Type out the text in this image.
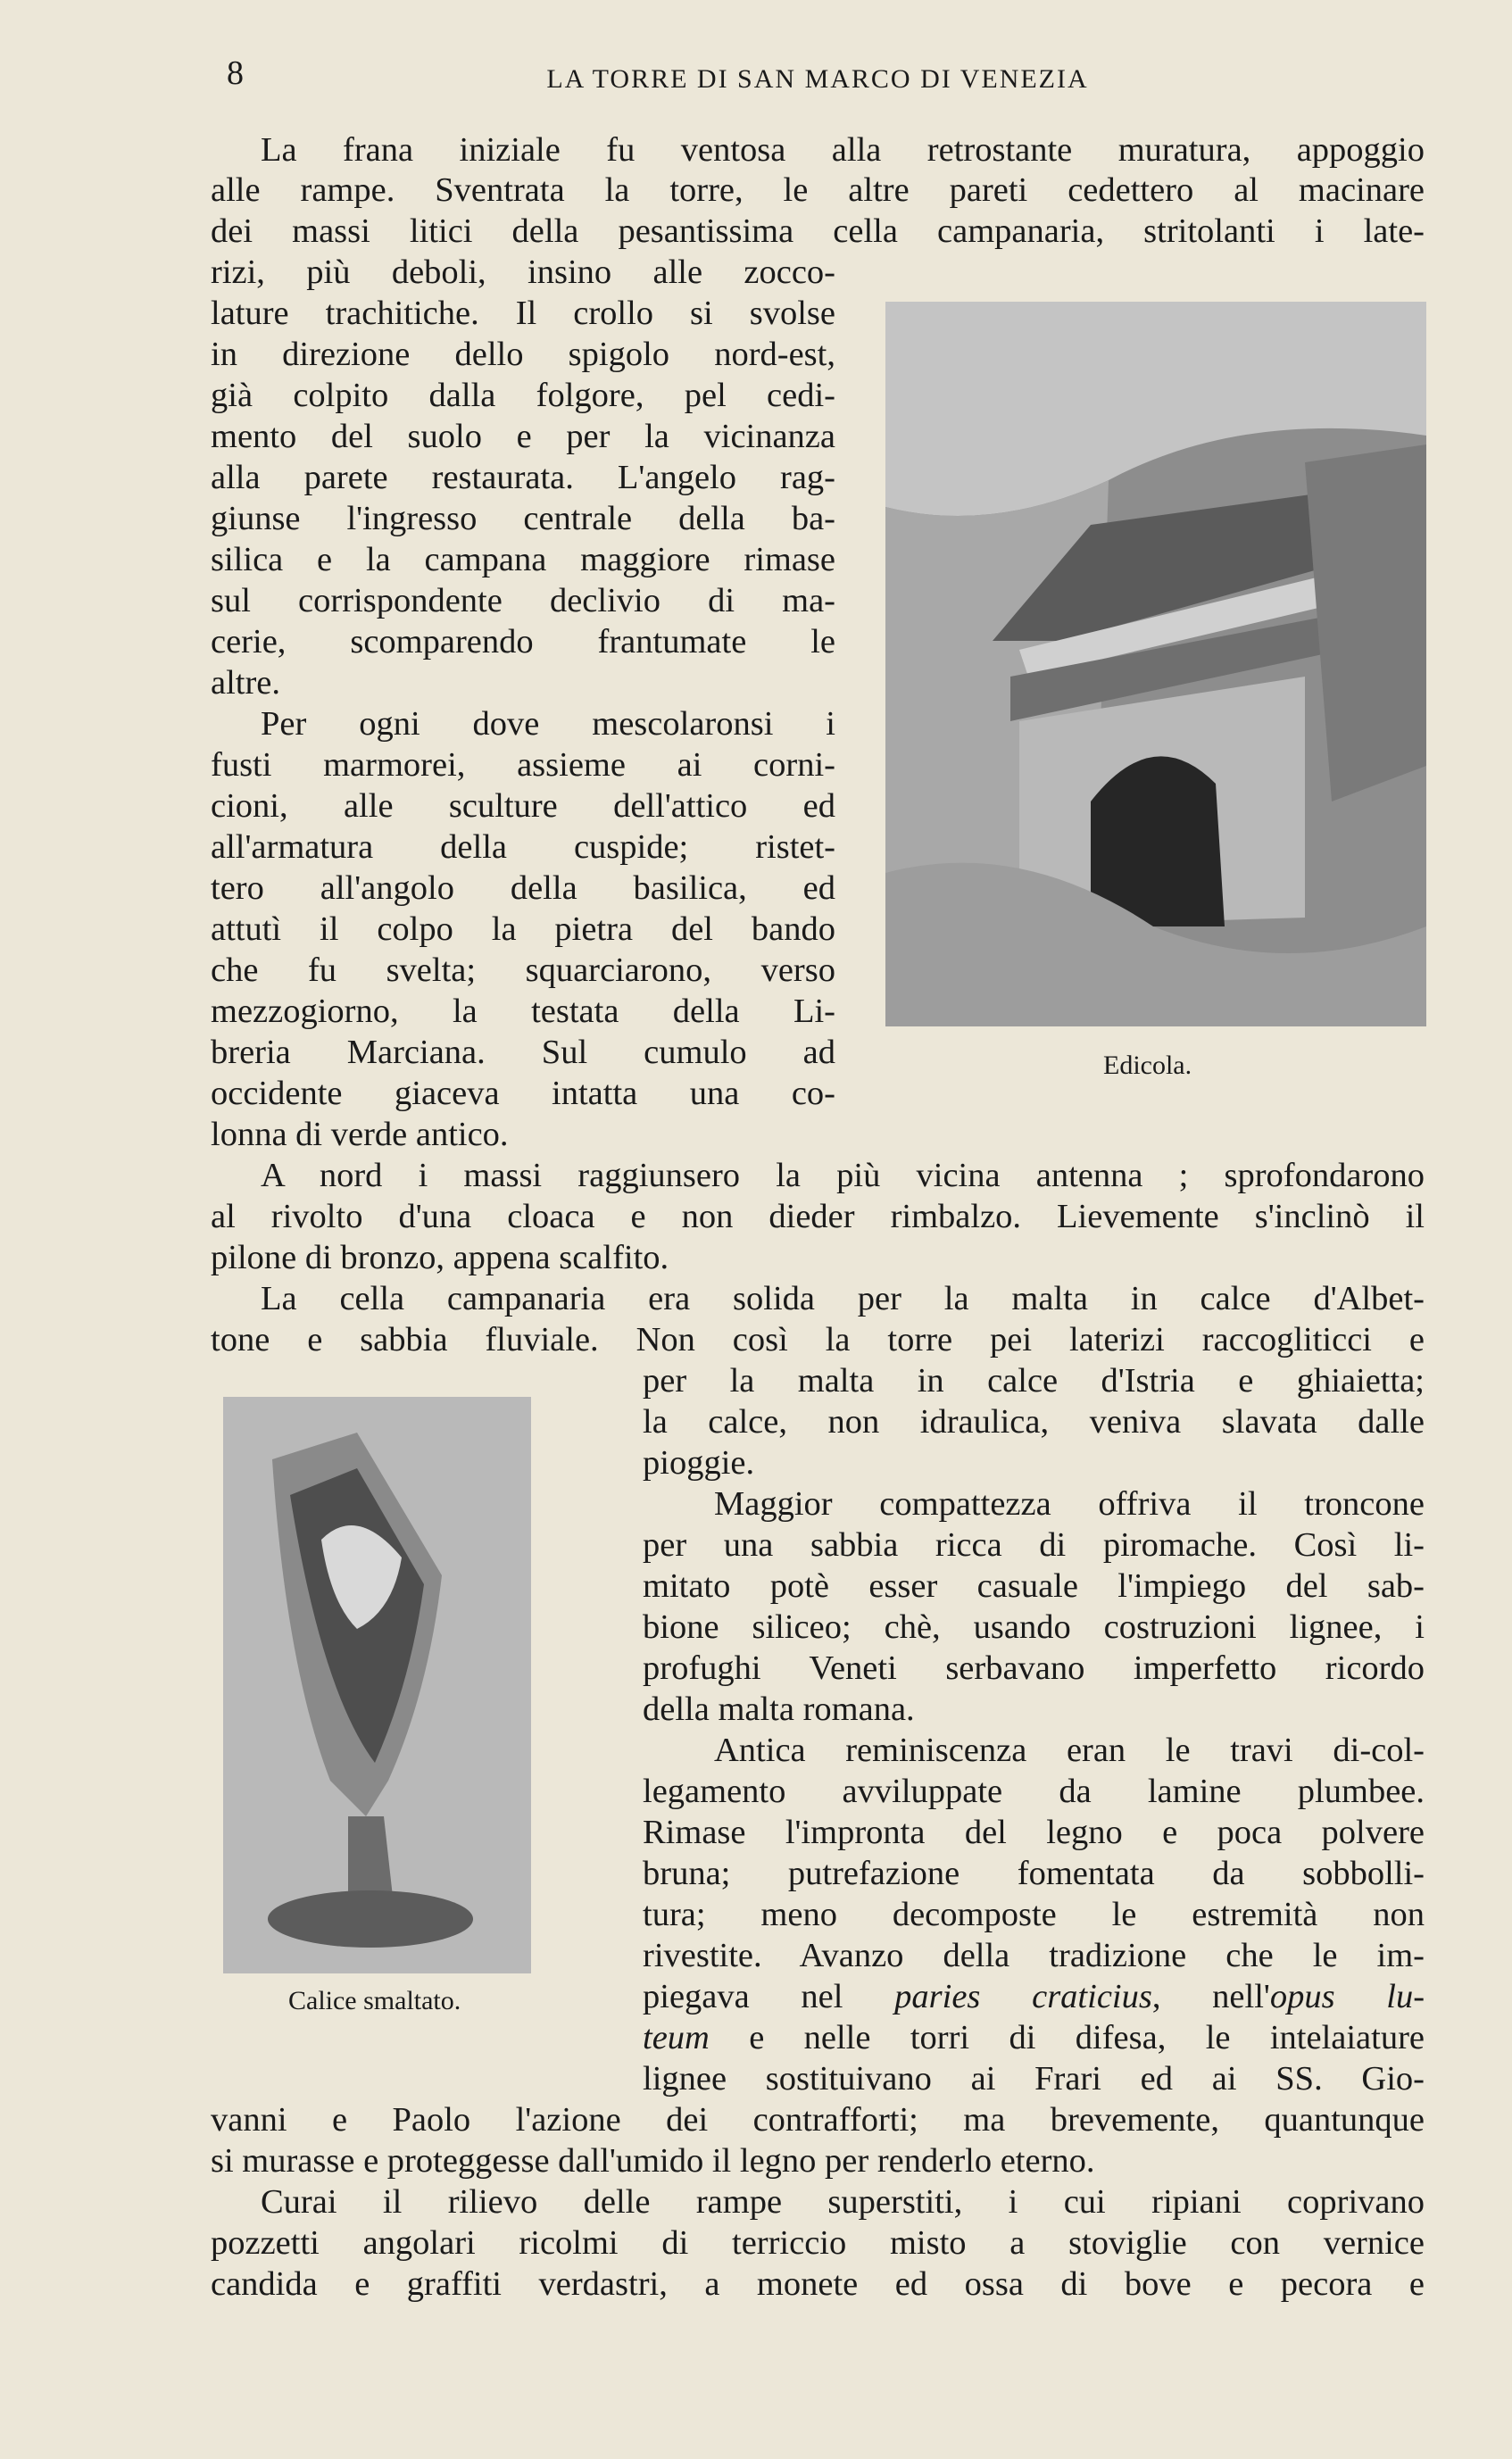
8	LA TORRE DI SAN MARCO DI VENEZIA
Edicola.
Calice smaltato.
La frana iniziale fu ventosa alla retrostante muratura, appoggio
alle rampe. Sventrata la torre, le altre pareti cedettero al macinare
dei massi litici della pesantissima cella campanaria, stritolanti i late-
rizi, più deboli, insino alle zocco-
lature trachitiche. Il crollo si svolse
in direzione dello spigolo nord-est,
già colpito dalla folgore, pel cedi-
mento del suolo e per la vicinanza
alla parete restaurata. L'angelo rag-
giunse l'ingresso centrale della ba-
silica e la campana maggiore rimase
sul corrispondente declivio di ma-
cerie, scomparendo frantumate le
altre.
Per ogni dove mescolaronsi i
fusti marmorei, assieme ai corni-
cioni, alle sculture dell'attico ed
all'armatura della cuspide; ristet-
tero all'angolo della basilica, ed
attutì il colpo la pietra del bando
che fu svelta; squarciarono, verso
mezzogiorno, la testata della Li-
breria Marciana. Sul cumulo ad
occidente giaceva intatta una co-
lonna di verde antico.
A nord i massi raggiunsero la più vicina antenna ; sprofondarono
al rivolto d'una cloaca e non dieder rimbalzo. Lievemente s'inclinò il
pilone di bronzo, appena scalfito.
La cella campanaria era solida per la malta in calce d'Albet-
tone e sabbia fluviale. Non così la torre pei laterizi raccogliticci e
per la malta in calce d'Istria e ghiaietta;
la calce, non idraulica, veniva slavata dalle
pioggie.
Maggior compattezza offriva il troncone
per una sabbia ricca di piromache. Così li-
mitato potè esser casuale l'impiego del sab-
bione siliceo; chè, usando costruzioni lignee, i
profughi Veneti serbavano imperfetto ricordo
della malta romana.
Antica reminiscenza eran le travi di-col-
legamento avviluppate da lamine plumbee.
Rimase l'impronta del legno e poca polvere
bruna; putrefazione fomentata da sobbolli-
tura; meno decomposte le estremità non
rivestite. Avanzo della tradizione che le im-
piegava nel paries craticius, nell'opus lu-
teum e nelle torri di difesa, le intelaiature
lignee sostituivano ai Frari ed ai SS. Gio-
vanni e Paolo l'azione dei contrafforti; ma brevemente, quantunque
si murasse e proteggesse dall'umido il legno per renderlo eterno.
Curai il rilievo delle rampe superstiti, i cui ripiani coprivano
pozzetti angolari ricolmi di terriccio misto a stoviglie con vernice
candida e graffiti verdastri, a monete ed ossa di bove e pecora e
